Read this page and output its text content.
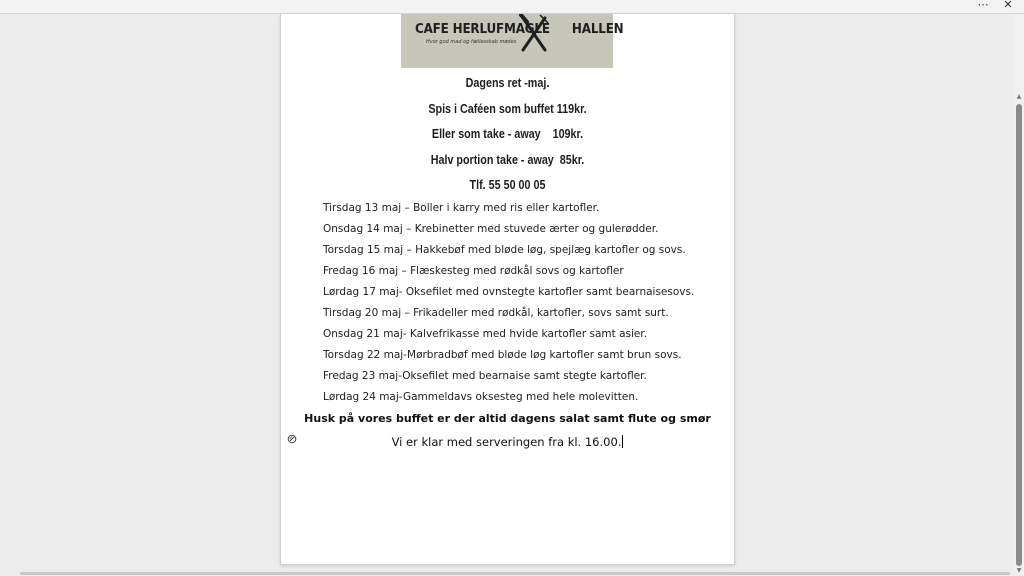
⋯	✕
CAFE HERLUFMAGLE HALLEN
Hvor god mad og fællesskab mødes
Dagens ret -maj.
Spis i Caféen som buffet 119kr.
Eller som take - away    109kr.
Halv portion take - away  85kr.
Tlf. 55 50 00 05
Tirsdag 13 maj – Boller i karry med ris eller kartofler.
Onsdag 14 maj – Krebinetter med stuvede ærter og gulerødder.
Torsdag 15 maj – Hakkebøf med bløde løg, spejlæg kartofler og sovs.
Fredag 16 maj – Flæskesteg med rødkål sovs og kartofler
Lørdag 17 maj- Oksefilet med ovnstegte kartofler samt bearnaisesovs.
Tirsdag 20 maj – Frikadeller med rødkål, kartofler, sovs samt surt.
Onsdag 21 maj- Kalvefrikasse med hvide kartofler samt asier.
Torsdag 22 maj-Mørbradbøf med bløde løg kartofler samt brun sovs.
Fredag 23 maj-Oksefilet med bearnaise samt stegte kartofler.
Lørdag 24 maj-Gammeldavs oksesteg med hele molevitten.
Husk på vores buffet er der altid dagens salat samt flute og smør
Vi er klar med serveringen fra kl. 16.00.
▲
▼
